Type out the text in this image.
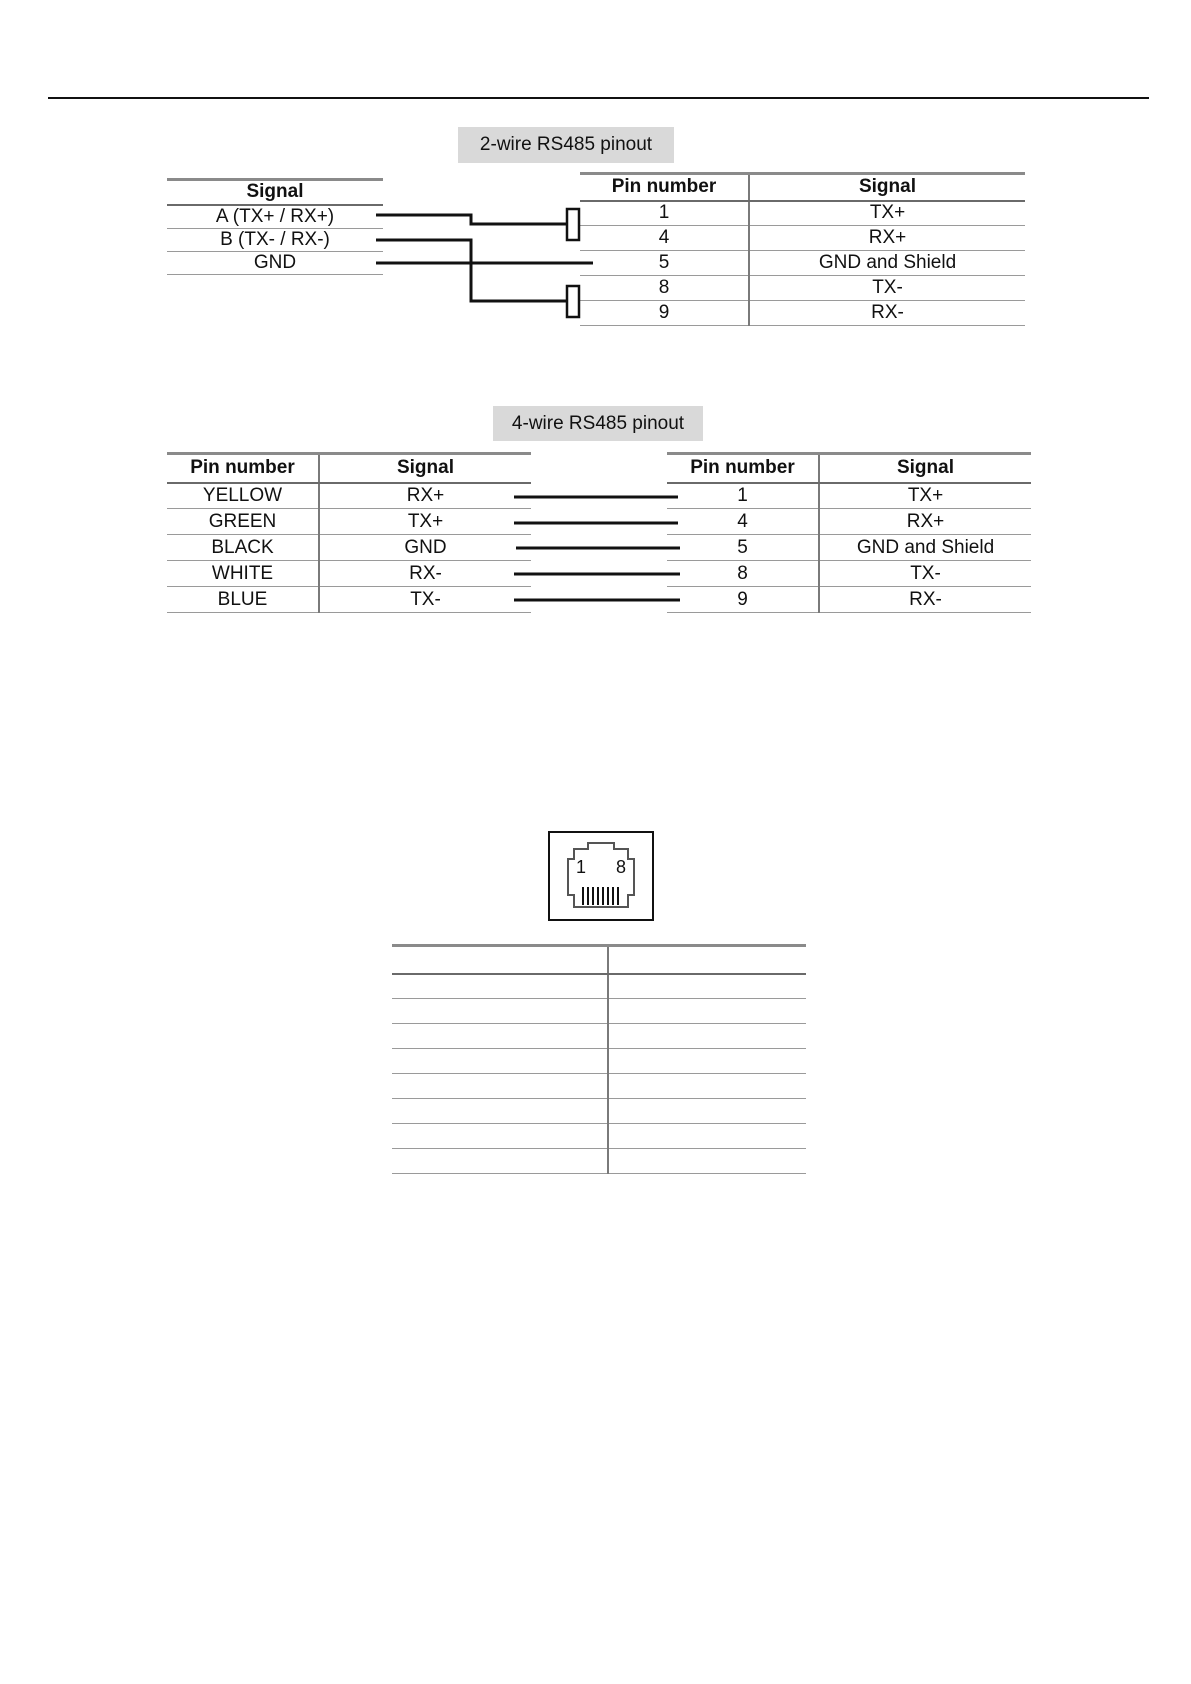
2-wire RS485 pinout
Signal
A (TX+ / RX+)
B (TX- / RX-)
GND
Pin number	Signal
1	TX+
4	RX+
5	GND and Shield
8	TX-
9	RX-
4-wire RS485 pinout
Pin number	Signal
YELLOW	RX+
GREEN	TX+
BLACK	GND
WHITE	RX-
BLUE	TX-
Pin number	Signal
1	TX+
4	RX+
5	GND and Shield
8	TX-
9	RX-
1 8
